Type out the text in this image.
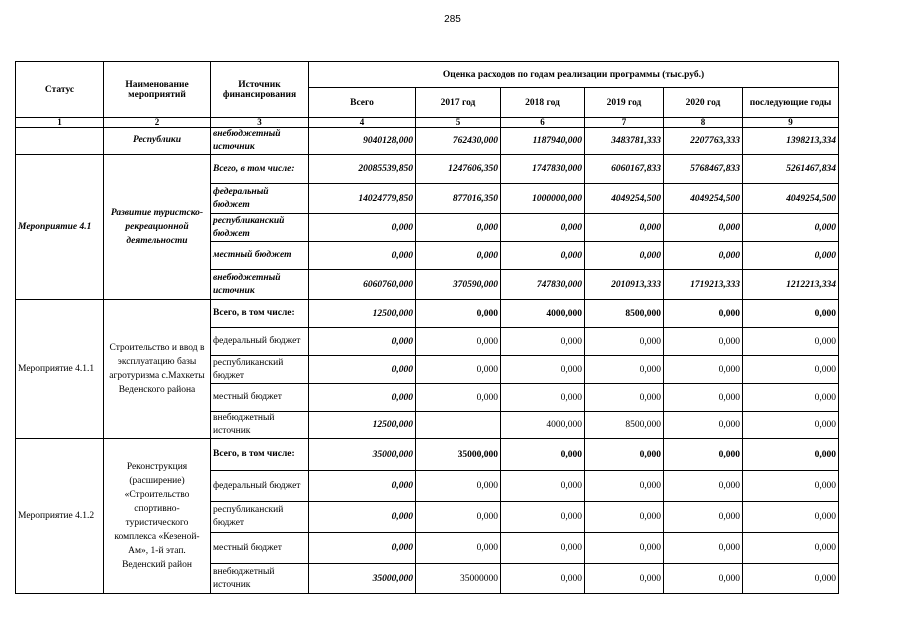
285
Статус	Наименование мероприятий	Источник финансирования	Оценка расходов по годам реализации программы (тыс.руб.)					
			Всего	2017 год	2018 год	2019 год	2020 год	последующие годы
1	2	3	4	5	6	7	8	9

	Республики	внебюджетный источник	9040128,000	762430,000	1187940,000	3483781,333	2207763,333	1398213,334
Мероприятие 4.1	Развитие туристско-рекреационной деятельности	Всего, в том числе:	20085539,850	1247606,350	1747830,000	6060167,833	5768467,833	5261467,834
		федеральный бюджет	14024779,850	877016,350	1000000,000	4049254,500	4049254,500	4049254,500
		республиканский бюджет	0,000	0,000	0,000	0,000	0,000	0,000
		местный бюджет	0,000	0,000	0,000	0,000	0,000	0,000
		внебюджетный источник	6060760,000	370590,000	747830,000	2010913,333	1719213,333	1212213,334
Мероприятие 4.1.1	Строительство и ввод в эксплуатацию базы агротуризма с.Махкеты Веденского района	Всего, в том числе:	12500,000	0,000	4000,000	8500,000	0,000	0,000
		федеральный бюджет	0,000	0,000	0,000	0,000	0,000	0,000
		республиканский бюджет	0,000	0,000	0,000	0,000	0,000	0,000
		местный бюджет	0,000	0,000	0,000	0,000	0,000	0,000
		внебюджетный источник	12500,000		4000,000	8500,000	0,000	0,000
Мероприятие 4.1.2	Реконструкция (расширение) «Строительство спортивно-туристического комплекса «Кезеной-Ам», 1-й этап. Веденский район	Всего, в том числе:	35000,000	35000,000	0,000	0,000	0,000	0,000
		федеральный бюджет	0,000	0,000	0,000	0,000	0,000	0,000
		республиканский бюджет	0,000	0,000	0,000	0,000	0,000	0,000
		местный бюджет	0,000	0,000	0,000	0,000	0,000	0,000
		внебюджетный источник	35000,000	35000000	0,000	0,000	0,000	0,000
